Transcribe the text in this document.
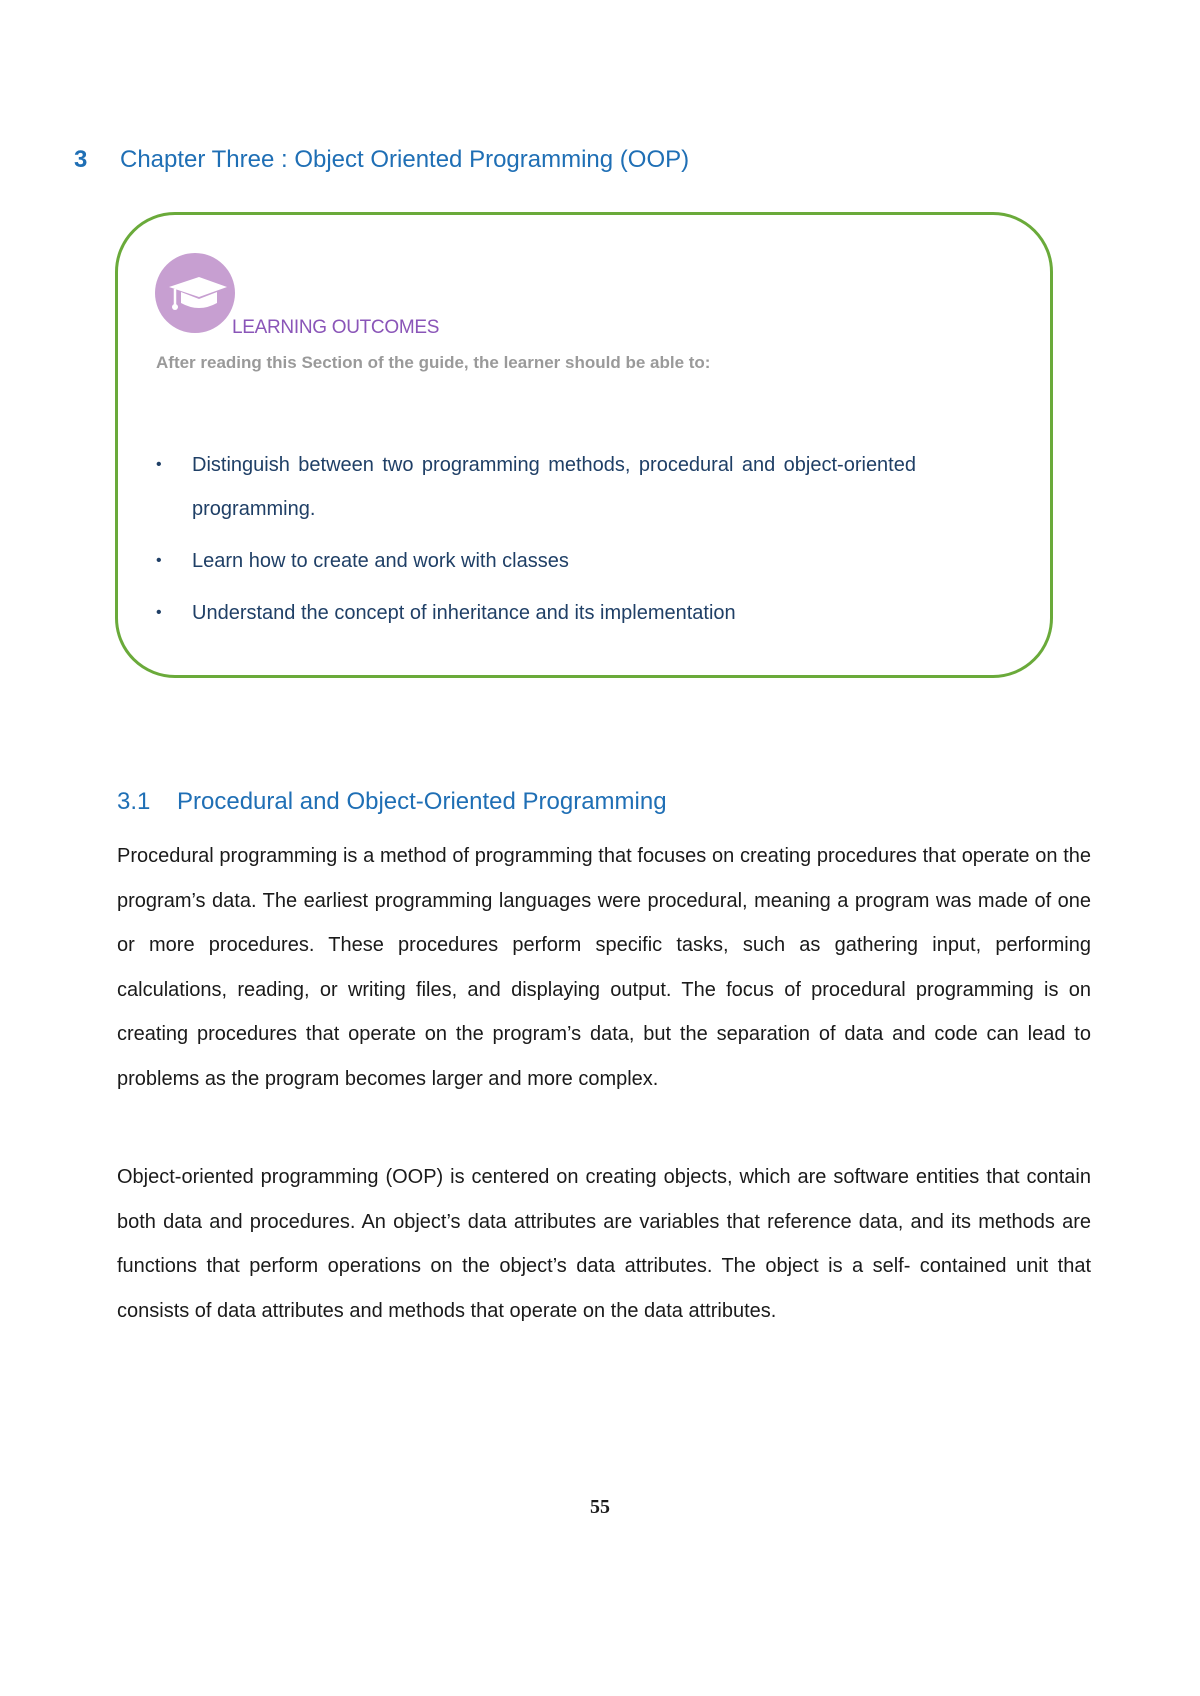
3 Chapter Three : Object Oriented Programming (OOP)
LEARNING OUTCOMES
After reading this Section of the guide, the learner should be able to:
• Distinguish between two programming methods, procedural and object-oriented programming.
• Learn how to create and work with classes
• Understand the concept of inheritance and its implementation
3.1 Procedural and Object-Oriented Programming

Procedural programming is a method of programming that focuses on creating procedures that operate on the program’s data. The earliest programming languages were procedural, meaning a program was made of one or more procedures. These procedures perform specific tasks, such as gathering input, performing calculations, reading, or writing files, and displaying output. The focus of procedural programming is on creating procedures that operate on the program’s data, but the separation of data and code can lead to problems as the program becomes larger and more complex.

Object-oriented programming (OOP) is centered on creating objects, which are software entities that contain both data and procedures. An object’s data attributes are variables that reference data, and its methods are functions that perform operations on the object’s data attributes. The object is a self- contained unit that consists of data attributes and methods that operate on the data attributes.

55
